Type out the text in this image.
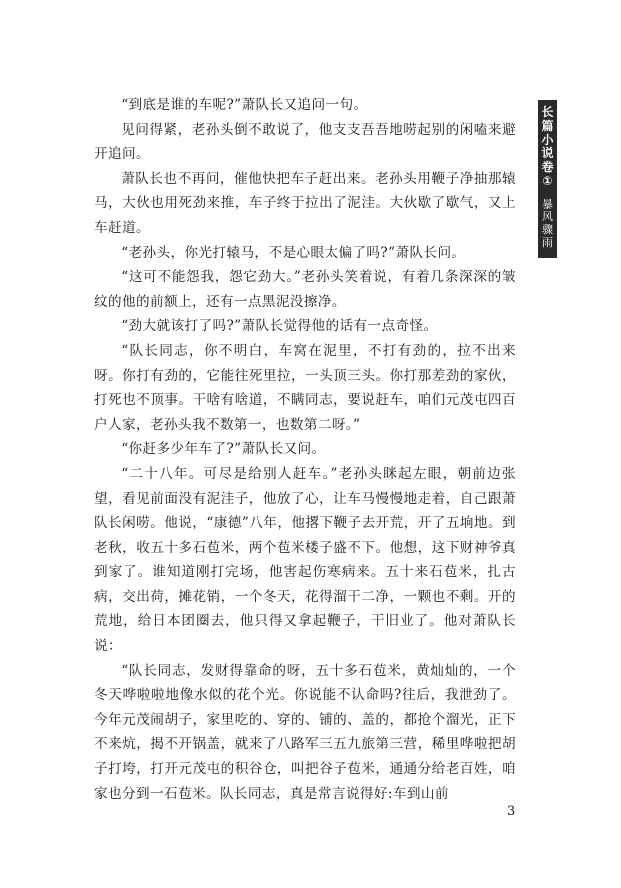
“到底是谁的车呢?”萧队长又追问一句。

见问得紧，老孙头倒不敢说了，他支支吾吾地唠起别的闲嗑来避开追问。

萧队长也不再问，催他快把车子赶出来。老孙头用鞭子净抽那辕马，大伙也用死劲来推，车子终于拉出了泥洼。大伙歇了歇气，又上车赶道。

“老孙头，你光打辕马，不是心眼太偏了吗?”萧队长问。

“这可不能怨我，怨它劲大。”老孙头笑着说，有着几条深深的皱纹的他的前额上，还有一点黑泥没擦净。

“劲大就该打了吗?”萧队长觉得他的话有一点奇怪。

“队长同志，你不明白，车窝在泥里，不打有劲的，拉不出来呀。你打有劲的，它能往死里拉，一头顶三头。你打那差劲的家伙，打死也不顶事。干啥有啥道，不瞒同志，要说赶车，咱们元茂屯四百户人家，老孙头我不数第一，也数第二呀。”

“你赶多少年车了?”萧队长又问。

“二十八年。可尽是给别人赶车。”老孙头眯起左眼，朝前边张望，看见前面没有泥洼子，他放了心，让车马慢慢地走着，自己跟萧队长闲唠。他说，“康德”八年，他撂下鞭子去开荒，开了五垧地。到老秋，收五十多石苞米，两个苞米楼子盛不下。他想，这下财神爷真到家了。谁知道刚打完场，他害起伤寒病来。五十来石苞米，扎古病，交出荷，摊花销，一个冬天，花得溜干二净，一颗也不剩。开的荒地，给日本团圈去，他只得又拿起鞭子，干旧业了。他对萧队长说：

“队长同志，发财得靠命的呀，五十多石苞米，黄灿灿的，一个冬天哗啦啦地像水似的花个光。你说能不认命吗?往后，我泄劲了。今年元茂闹胡子，家里吃的、穿的、铺的、盖的，都抢个溜光，正下不来炕，揭不开锅盖，就来了八路军三五九旅第三营，稀里哗啦把胡子打垮，打开元茂屯的积谷仓，叫把谷子苞米，通通分给老百姓，咱家也分到一石苞米。队长同志，真是常言说得好:车到山前

长篇小说卷①
暴风骤雨
3
